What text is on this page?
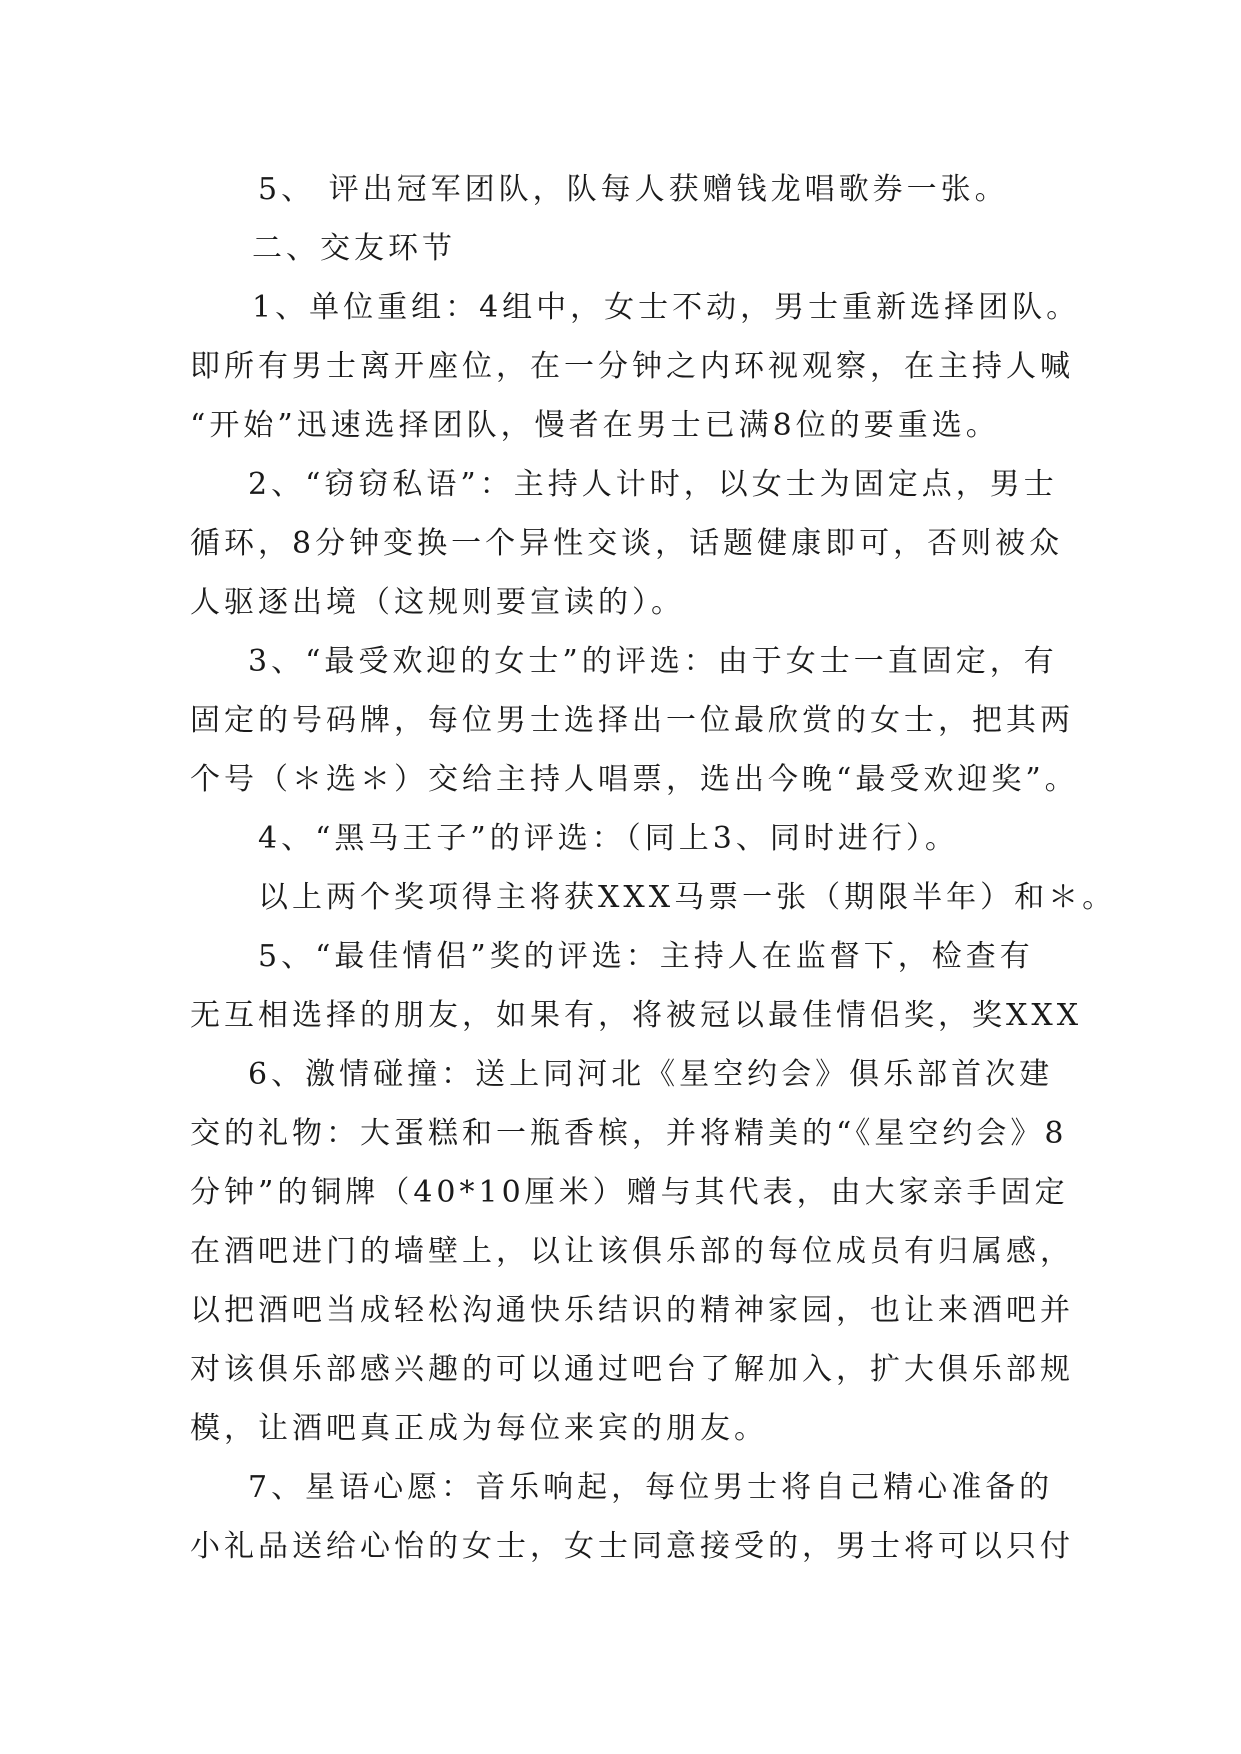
5、 评出冠军团队，队每人获赠钱龙唱歌券一张。

二、交友环节

1、单位重组：4组中，女士不动，男士重新选择团队。

即所有男士离开座位，在一分钟之内环视观察，在主持人喊

“开始”迅速选择团队，慢者在男士已满8位的要重选。

2、“窃窃私语”：主持人计时，以女士为固定点，男士

循环，8分钟变换一个异性交谈，话题健康即可，否则被众

人驱逐出境（这规则要宣读的）。

3、“最受欢迎的女士”的评选：由于女士一直固定，有

固定的号码牌，每位男士选择出一位最欣赏的女士，把其两

个号（＊选＊）交给主持人唱票，选出今晚“最受欢迎奖”。

4、“黑马王子”的评选：（同上3、同时进行）。

以上两个奖项得主将获XXX马票一张（期限半年）和＊。

5、“最佳情侣”奖的评选：主持人在监督下，检查有

无互相选择的朋友，如果有，将被冠以最佳情侣奖，奖XXX

6、激情碰撞：送上同河北《星空约会》俱乐部首次建

交的礼物：大蛋糕和一瓶香槟，并将精美的“《星空约会》8

分钟”的铜牌（40*10厘米）赠与其代表，由大家亲手固定

在酒吧进门的墙壁上，以让该俱乐部的每位成员有归属感，

以把酒吧当成轻松沟通快乐结识的精神家园，也让来酒吧并

对该俱乐部感兴趣的可以通过吧台了解加入，扩大俱乐部规

模，让酒吧真正成为每位来宾的朋友。

7、星语心愿：音乐响起，每位男士将自己精心准备的

小礼品送给心怡的女士，女士同意接受的，男士将可以只付
